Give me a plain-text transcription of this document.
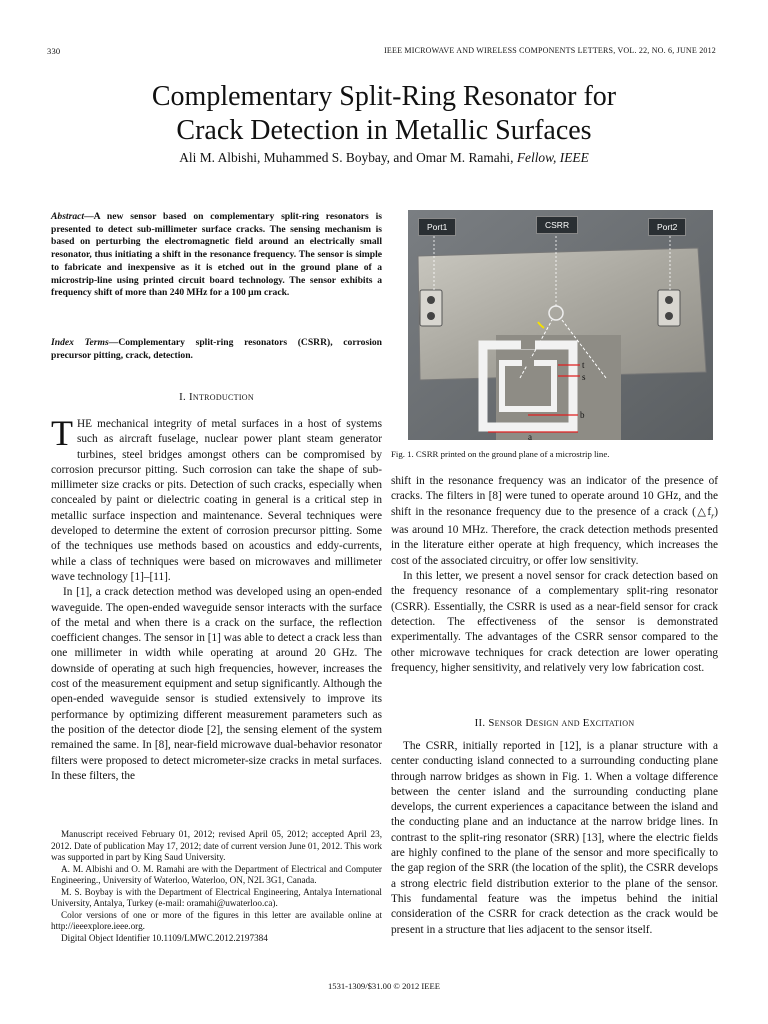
330	IEEE MICROWAVE AND WIRELESS COMPONENTS LETTERS, VOL. 22, NO. 6, JUNE 2012
Complementary Split-Ring Resonator for
Crack Detection in Metallic Surfaces
Ali M. Albishi, Muhammed S. Boybay, and Omar M. Ramahi, Fellow, IEEE
Abstract—A new sensor based on complementary split-ring resonators is presented to detect sub-millimeter surface cracks. The sensing mechanism is based on perturbing the electromagnetic field around an electrically small resonator, thus initiating a shift in the resonance frequency. The sensor is simple to fabricate and inexpensive as it is etched out in the ground plane of a microstrip-line using printed circuit board technology. The sensor exhibits a frequency shift of more than 240 MHz for a 100 μm crack.
Index Terms—Complementary split-ring resonators (CSRR), corrosion precursor pitting, crack, detection.
I. Introduction

THE mechanical integrity of metal surfaces in a host of systems such as aircraft fuselage, nuclear power plant steam generator turbines, steel bridges amongst others can be compromised by corrosion precursor pitting. Such corrosion can take the shape of sub-millimeter size cracks or pits. Detection of such cracks, especially when concealed by paint or dielectric coating in general is a critical step in metallic surface inspection and maintenance. Several techniques were developed to determine the extent of corrosion precursor pitting. Some of the techniques use methods based on acoustics and eddy-currents, while a class of techniques were based on microwaves and millimeter wave technology [1]–[11].

In [1], a crack detection method was developed using an open-ended waveguide. The open-ended waveguide sensor interacts with the surface of the metal and when there is a crack on the surface, the reflection coefficient changes. The sensor in [1] was able to detect a crack less than one millimeter in width while operating at around 20 GHz. The downside of operating at such high frequencies, however, increases the cost of the measurement equipment and setup significantly. Although the open-ended waveguide sensor is studied extensively to improve its performance by optimizing different measurement parameters such as the position of the detector diode [2], the sensing element of the system remained the same. In [8], near-field microwave dual-behavior resonator filters were proposed to detect micrometer-size cracks in metal surfaces. In these filters, the

Manuscript received February 01, 2012; revised April 05, 2012; accepted April 23, 2012. Date of publication May 17, 2012; date of current version June 01, 2012. This work was supported in part by King Saud University.

A. M. Albishi and O. M. Ramahi are with the Department of Electrical and Computer Engineering., University of Waterloo, Waterloo, ON, N2L 3G1, Canada.

M. S. Boybay is with the Department of Electrical Engineering, Antalya International University, Antalya, Turkey (e-mail: oramahi@uwaterloo.ca).

Color versions of one or more of the figures in this letter are available online at http://ieeexplore.ieee.org.

Digital Object Identifier 10.1109/LMWC.2012.2197384

t
s
b
a
Port1	CSRR	Port2
Fig. 1. CSRR printed on the ground plane of a microstrip line.

shift in the resonance frequency was an indicator of the presence of cracks. The filters in [8] were tuned to operate around 10 GHz, and the shift in the resonance frequency due to the presence of a crack $(\triangle f_r)$ was around 10 MHz. Therefore, the crack detection methods presented in the literature either operate at high frequency, which increases the cost of the associated circuitry, or offer low sensitivity.

In this letter, we present a novel sensor for crack detection based on the frequency resonance of a complementary split-ring resonator (CSRR). Essentially, the CSRR is used as a near-field sensor for crack detection. The effectiveness of the sensor is demonstrated experimentally. The advantages of the CSRR sensor compared to the other microwave techniques for crack detection are lower operating frequency, higher sensitivity, and relatively very low fabrication cost.

II. Sensor Design and Excitation

The CSRR, initially reported in [12], is a planar structure with a center conducting island connected to a surrounding conducting plane through narrow bridges as shown in Fig. 1. When a voltage difference between the center island and the surrounding conducting plane develops, the current experiences a capacitance between the island and the conducting plane and an inductance at the narrow bridge lines. In contrast to the split-ring resonator (SRR) [13], where the electric fields are highly confined to the plane of the sensor and more specifically to the gap region of the SRR (the location of the split), the CSRR develops a strong electric field distribution exterior to the plane of the sensor. This fundamental feature was the impetus behind the initial consideration of the CSRR for crack detection as the crack would be present in a structure that lies adjacent to the sensor itself.

1531-1309/$31.00 © 2012 IEEE
